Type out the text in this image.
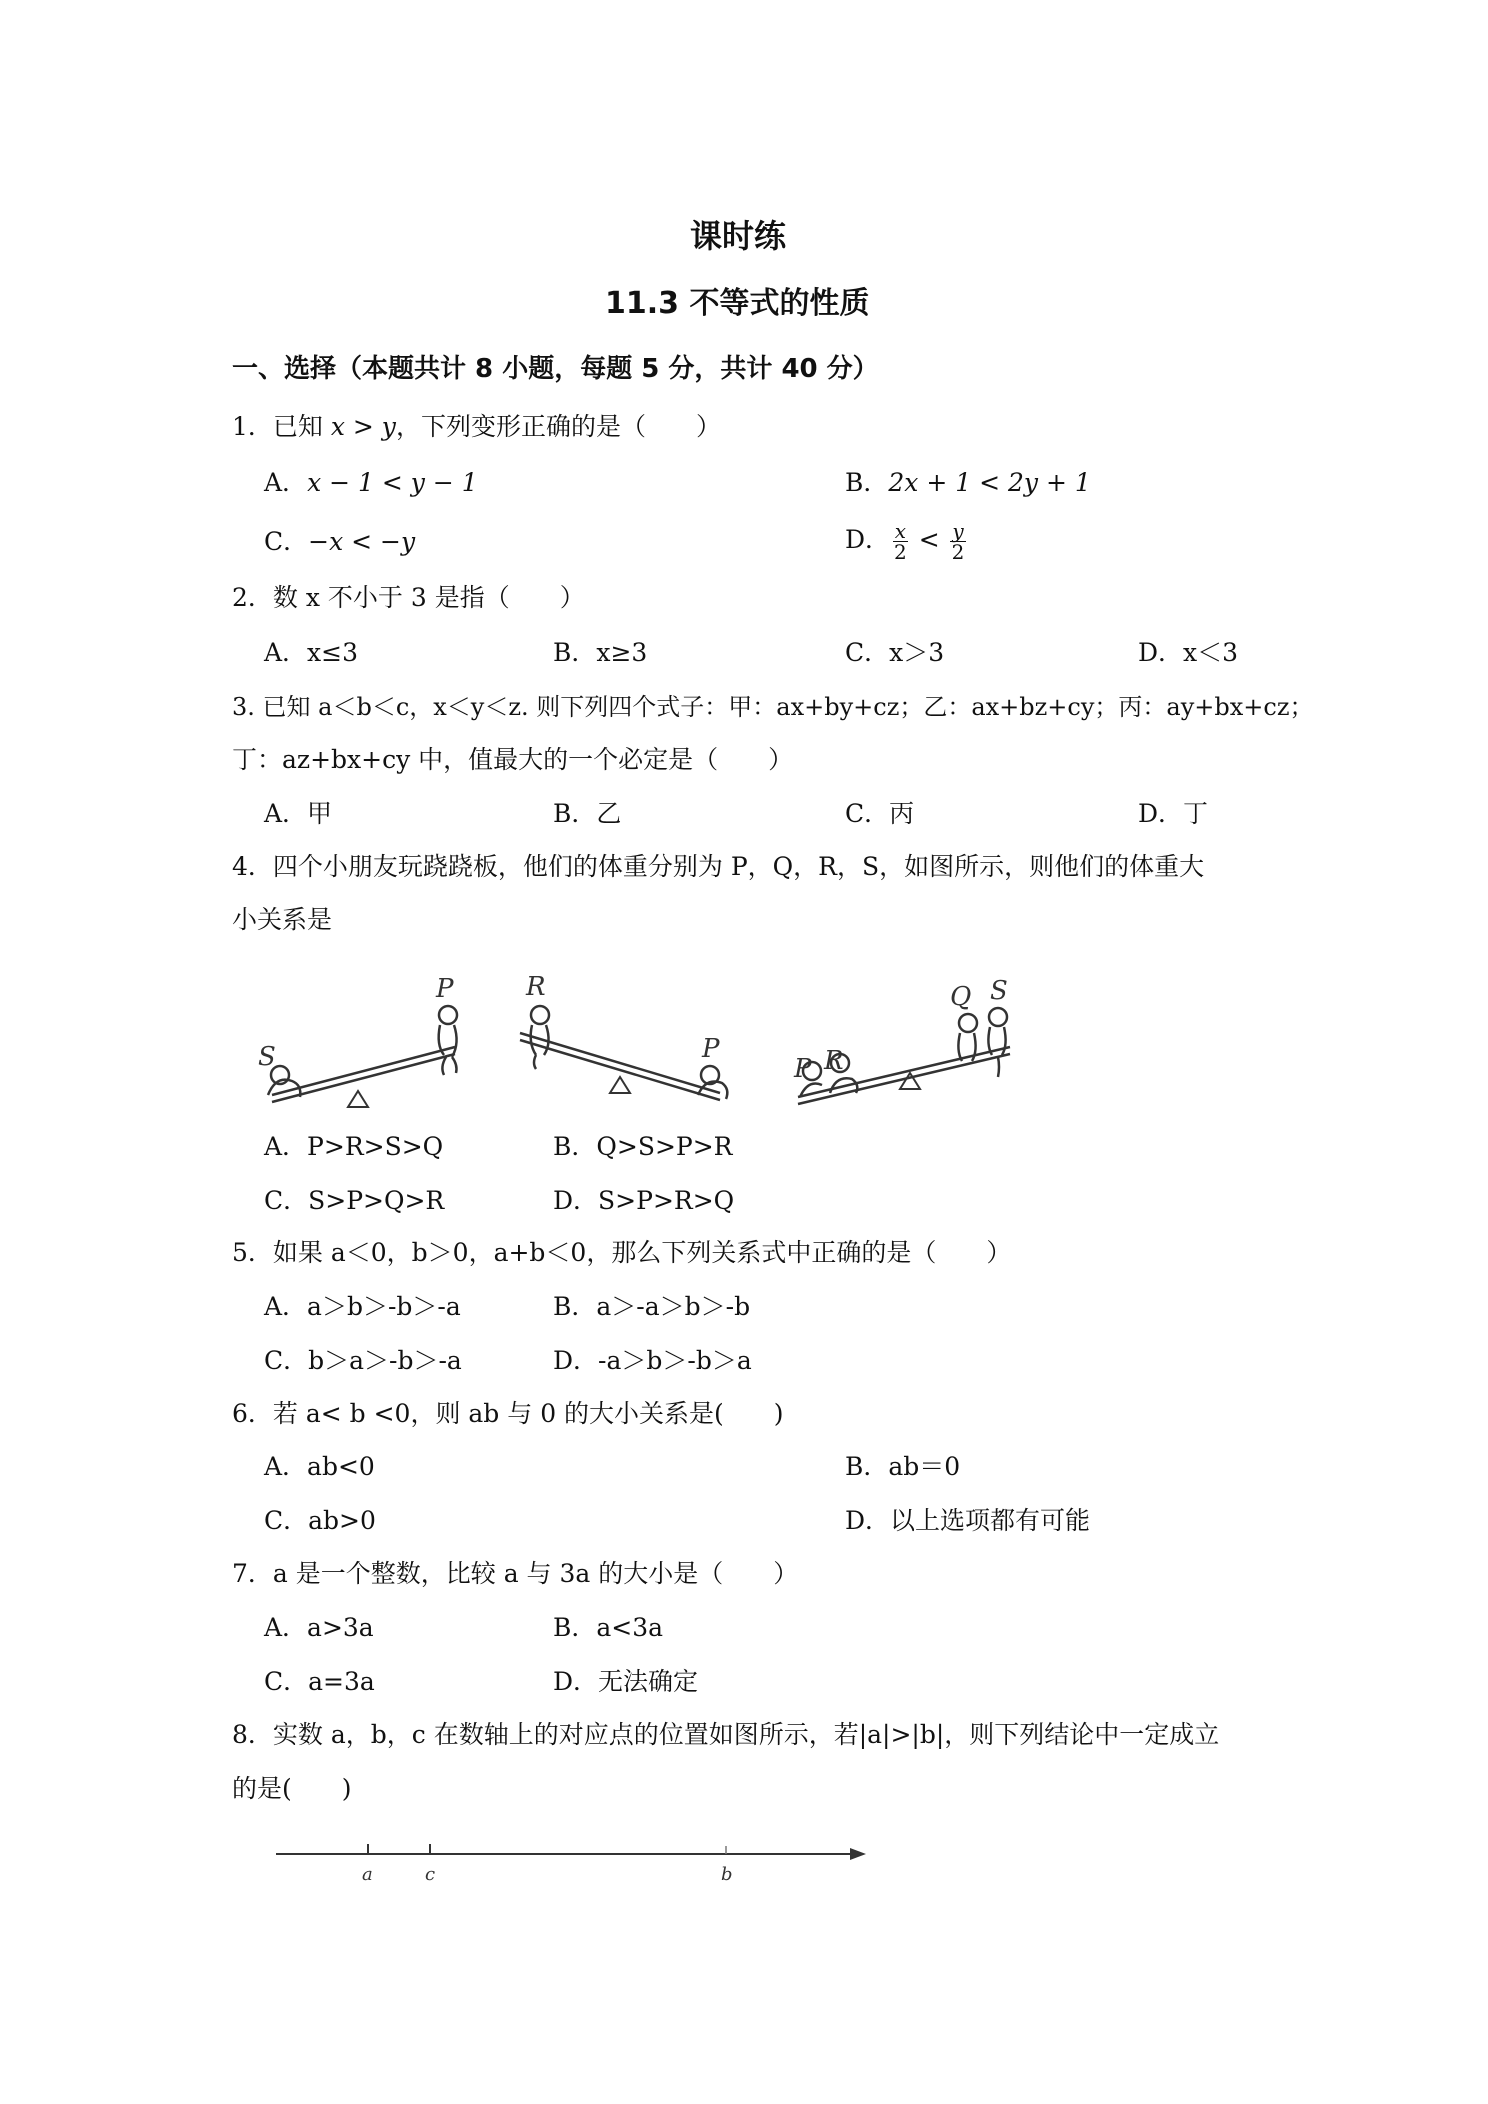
课时练
11.3 不等式的性质
一、选择（本题共计 8 小题，每题 5 分，共计 40 分）
1．已知 x > y，下列变形正确的是（　　）
A．x − 1 < y − 1	B．2x + 1 < 2y + 1
C．−x < −y	D． $\frac{x}{2} < \frac{y}{2}$
2．数 x 不小于 3 是指（　　）
A．x≤3	B．x≥3	C．x＞3	D．x＜3
3. 已知 a＜b＜c，x＜y＜z. 则下列四个式子：甲：ax+by+cz；乙：ax+bz+cy；丙：ay+bx+cz；
丁：az+bx+cy 中，值最大的一个必定是（　　）
A．甲	B．乙	C．丙	D．丁
4．四个小朋友玩跷跷板，他们的体重分别为 P，Q，R，S，如图所示，则他们的体重大
小关系是
S
P	R
P
P R
Q S
A．P>R>S>Q	B．Q>S>P>R
C．S>P>Q>R	D．S>P>R>Q
5．如果 a＜0，b＞0，a+b＜0，那么下列关系式中正确的是（　　）
A．a＞b＞-b＞-a	B．a＞-a＞b＞-b
C．b＞a＞-b＞-a	D．-a＞b＞-b＞a
6．若 a< b <0，则 ab 与 0 的大小关系是(　　)
A．ab<0	B．ab＝0
C．ab>0	D．以上选项都有可能
7．a 是一个整数，比较 a 与 3a 的大小是（　　）
A．a>3a	B．a<3a
C．a=3a	D．无法确定
8．实数 a，b，c 在数轴上的对应点的位置如图所示，若|a|>|b|，则下列结论中一定成立
的是(　　)
a	c	b
